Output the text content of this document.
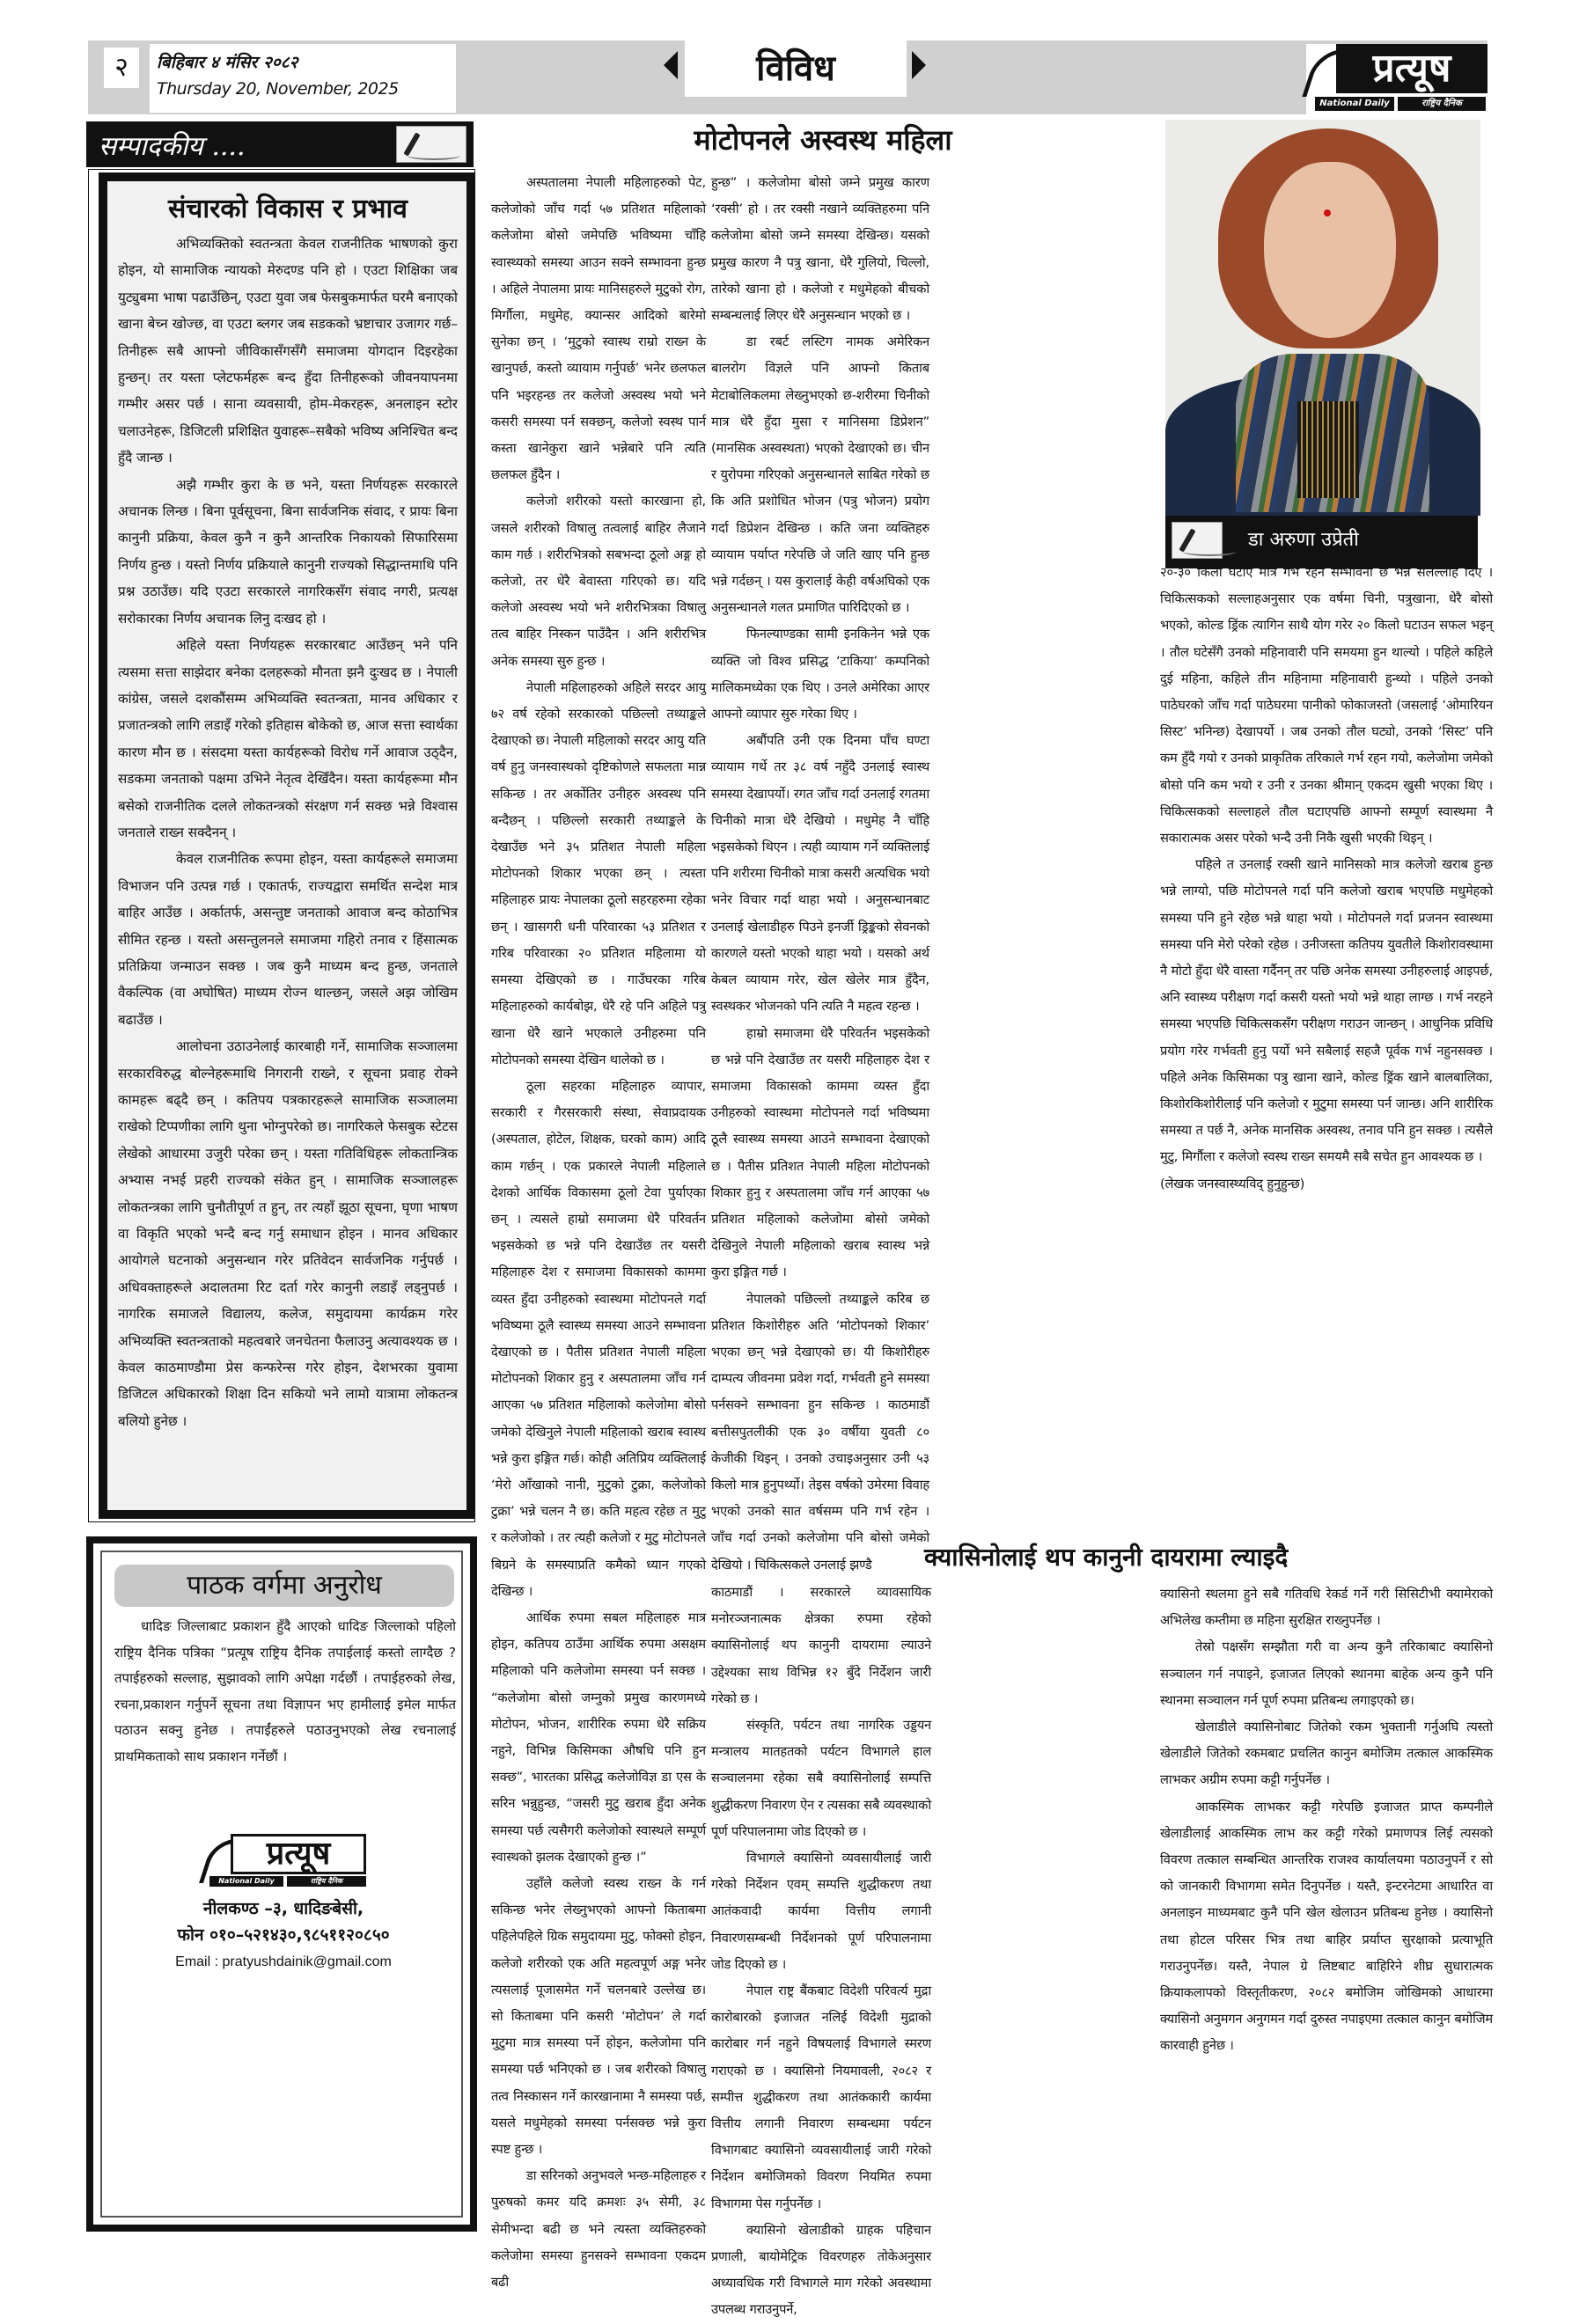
२	बिहिबार ४ मंसिर २०८२
Thursday 20, November, 2025	विविध	प्रत्यूष
National Daily	राष्ट्रिय दैनिक
सम्पादकीय ....
संचारको विकास र प्रभाव

अभिव्यक्तिको स्वतन्त्रता केवल राजनीतिक भाषणको कुरा होइन, यो सामाजिक न्यायको मेरुदण्ड पनि हो । एउटा शिक्षिका जब युट्युबमा भाषा पढाउँछिन्, एउटा युवा जब फेसबुकमार्फत घरमै बनाएको खाना बेच्न खोज्छ, वा एउटा ब्लगर जब सडकको भ्रष्टाचार उजागर गर्छ–तिनीहरू सबै आफ्नो जीविकासँगसँगै समाजमा योगदान दिइरहेका हुन्छन्। तर यस्ता प्लेटफर्महरू बन्द हुँदा तिनीहरूको जीवनयापनमा गम्भीर असर पर्छ । साना व्यवसायी, होम-मेकरहरू, अनलाइन स्टोर चलाउनेहरू, डिजिटली प्रशिक्षित युवाहरू–सबैको भविष्य अनिश्चित बन्द हुँदै जान्छ ।

अझै गम्भीर कुरा के छ भने, यस्ता निर्णयहरू सरकारले अचानक लिन्छ । बिना पूर्वसूचना, बिना सार्वजनिक संवाद, र प्रायः बिना कानुनी प्रक्रिया, केवल कुनै न कुनै आन्तरिक निकायको सिफारिसमा निर्णय हुन्छ । यस्तो निर्णय प्रक्रियाले कानुनी राज्यको सिद्धान्तमाथि पनि प्रश्न उठाउँछ। यदि एउटा सरकारले नागरिकसँग संवाद नगरी, प्रत्यक्ष सरोकारका निर्णय अचानक लिनु दःखद हो ।

अहिले यस्ता निर्णयहरू सरकारबाट आउँछन् भने पनि त्यसमा सत्ता साझेदार बनेका दलहरूको मौनता झनै दुःखद छ । नेपाली कांग्रेस, जसले दशकौंसम्म अभिव्यक्ति स्वतन्त्रता, मानव अधिकार र प्रजातन्त्रको लागि लडाइँ गरेको इतिहास बोकेको छ, आज सत्ता स्वार्थका कारण मौन छ । संसदमा यस्ता कार्यहरूको विरोध गर्ने आवाज उठ्दैन, सडकमा जनताको पक्षमा उभिने नेतृत्व देखिँदैन। यस्ता कार्यहरूमा मौन बसेको राजनीतिक दलले लोकतन्त्रको संरक्षण गर्न सक्छ भन्ने विश्वास जनताले राख्न सक्दैनन् ।

केवल राजनीतिक रूपमा होइन, यस्ता कार्यहरूले समाजमा विभाजन पनि उत्पन्न गर्छ । एकातर्फ, राज्यद्वारा समर्थित सन्देश मात्र बाहिर आउँछ । अर्कातर्फ, असन्तुष्ट जनताको आवाज बन्द कोठाभित्र सीमित रहन्छ । यस्तो असन्तुलनले समाजमा गहिरो तनाव र हिंसात्मक प्रतिक्रिया जन्माउन सक्छ । जब कुनै माध्यम बन्द हुन्छ, जनताले वैकल्पिक (वा अघोषित) माध्यम रोज्न थाल्छन्, जसले अझ जोखिम बढाउँछ ।

आलोचना उठाउनेलाई कारबाही गर्ने, सामाजिक सञ्जालमा सरकारविरुद्ध बोल्नेहरूमाथि निगरानी राख्ने, र सूचना प्रवाह रोक्ने कामहरू बढ्दै छन् । कतिपय पत्रकारहरूले सामाजिक सञ्जालमा राखेको टिप्पणीका लागि थुना भोग्नुपरेको छ। नागरिकले फेसबुक स्टेटस लेखेको आधारमा उजुरी परेका छन् । यस्ता गतिविधिहरू लोकतान्त्रिक अभ्यास नभई प्रहरी राज्यको संकेत हुन् । सामाजिक सञ्जालहरू लोकतन्त्रका लागि चुनौतीपूर्ण त हुन्, तर त्यहाँ झूठा सूचना, घृणा भाषण वा विकृति भएको भन्दै बन्द गर्नु समाधान होइन । मानव अधिकार आयोगले घटनाको अनुसन्धान गरेर प्रतिवेदन सार्वजनिक गर्नुपर्छ । अधिवक्ताहरूले अदालतमा रिट दर्ता गरेर कानुनी लडाइँ लड्नुपर्छ । नागरिक समाजले विद्यालय, कलेज, समुदायमा कार्यक्रम गरेर अभिव्यक्ति स्वतन्त्रताको महत्वबारे जनचेतना फैलाउनु अत्यावश्यक छ । केवल काठमाण्डौमा प्रेस कन्फरेन्स गरेर होइन, देशभरका युवामा डिजिटल अधिकारको शिक्षा दिन सकियो भने लामो यात्रामा लोकतन्त्र बलियो हुनेछ ।

पाठक वर्गमा अनुरोध
धादिङ जिल्लाबाट प्रकाशन हुँदै आएको धादिङ जिल्लाको पहिलो राष्ट्रिय दैनिक पत्रिका “प्रत्यूष राष्ट्रिय दैनिक तपाईलाई कस्तो लाग्दैछ ? तपाईहरुको सल्लाह, सुझावको लागि अपेक्षा गर्दछौं । तपाईहरुको लेख, रचना,प्रकाशन गर्नुपर्ने सूचना तथा विज्ञापन भए हामीलाई इमेल मार्फत पठाउन सक्नु हुनेछ । तपाईंहरुले पठाउनुभएको लेख रचनालाई प्राथमिकताको साथ प्रकाशन गर्नेछौं ।
प्रत्यूष
National Daily	राष्ट्रिय दैनिक
नीलकण्ठ –३, धादिङबेसी,
फोन ०१०–५२१४३०,९८५११२०८५०
Email : pratyushdainik@gmail.com
मोटोपनले अस्वस्थ महिला

अस्पतालमा नेपाली महिलाहरुको पेट, कलेजोको जाँच गर्दा ५७ प्रतिशत महिलाको कलेजोमा बोसो जमेपछि भविष्यमा चाँहि स्वास्थ्यको समस्या आउन सक्ने सम्भावना हुन्छ । अहिले नेपालमा प्रायः मानिसहरुले मुटुको रोग, मिर्गौला, मधुमेह, क्यान्सर आदिको बारेमो सुनेका छन् । ‘मुटुको स्वास्थ राम्रो राख्न के खानुपर्छ, कस्तो व्यायाम गर्नुपर्छ’ भनेर छलफल पनि भइरहन्छ तर कलेजो अस्वस्थ भयो भने कसरी समस्या पर्न सक्छन्, कलेजो स्वस्थ पार्न कस्ता खानेकुरा खाने भन्नेबारे पनि त्यति छलफल हुँदैन ।

कलेजो शरीरको यस्तो कारखाना हो, जसले शरीरको विषालु तत्वलाई बाहिर लैजाने काम गर्छ । शरीरभित्रको सबभन्दा ठूलो अङ्ग हो कलेजो, तर धेरै बेवास्ता गरिएको छ। यदि कलेजो अस्वस्थ भयो भने शरीरभित्रका विषालु तत्व बाहिर निस्कन पाउँदैन । अनि शरीरभित्र अनेक समस्या सुरु हुन्छ ।

नेपाली महिलाहरुको अहिले सरदर आयु ७२ वर्ष रहेको सरकारको पछिल्लो तथ्याङ्कले देखाएको छ। नेपाली महिलाको सरदर आयु यति वर्ष हुनु जनस्वास्थको दृष्टिकोणले सफलता मान्न सकिन्छ । तर अर्कोतिर उनीहरु अस्वस्थ पनि बन्दैछन् । पछिल्लो सरकारी तथ्याङ्कले के देखाउँछ भने ३५ प्रतिशत नेपाली महिला मोटोपनको शिकार भएका छन् । त्यस्ता महिलाहरु प्रायः नेपालका ठूलो सहरहरुमा रहेका छन् । खासगरी धनी परिवारका ५३ प्रतिशत र गरिब परिवारका २० प्रतिशत महिलामा यो समस्या देखिएको छ । गाउँघरका गरिब महिलाहरुको कार्यबोझ, धेरै रहे पनि अहिले पत्रु खाना धेरै खाने भएकाले उनीहरुमा पनि मोटोपनको समस्या देखिन थालेको छ ।

ठूला सहरका महिलाहरु व्यापार, सरकारी र गैरसरकारी संस्था, सेवाप्रदायक (अस्पताल, होटेल, शिक्षक, घरको काम) आदि काम गर्छन् । एक प्रकारले नेपाली महिलाले देशको आर्थिक विकासमा ठूलो टेवा पुर्याएका छन् । त्यसले हाम्रो समाजमा धेरै परिवर्तन भइसकेको छ भन्ने पनि देखाउँछ तर यसरी महिलाहरु देश र समाजमा विकासको काममा व्यस्त हुँदा उनीहरुको स्वास्थमा मोटोपनले गर्दा भविष्यमा ठूलै स्वास्थ्य समस्या आउने सम्भावना देखाएको छ । पैतीस प्रतिशत नेपाली महिला मोटोपनको शिकार हुनु र अस्पतालमा जाँच गर्न आएका ५७ प्रतिशत महिलाको कलेजोमा बोसो जमेको देखिनुले नेपाली महिलाको खराब स्वास्थ भन्ने कुरा इङ्गित गर्छ। कोही अतिप्रिय व्यक्तिलाई ‘मेरो आँखाको नानी, मुटुको टुक्रा, कलेजोको टुक्रा’ भन्ने चलन नै छ। कति महत्व रहेछ त मुटु र कलेजोको । तर त्यही कलेजो र मुटु मोटोपनले बिग्रने के समस्याप्रति कमैको ध्यान गएको देखिन्छ ।

आर्थिक रुपमा सबल महिलाहरु मात्र होइन, कतिपय ठाउँमा आर्थिक रुपमा असक्षम महिलाको पनि कलेजोमा समस्या पर्न सक्छ । “कलेजोमा बोसो जम्नुको प्रमुख कारणमध्ये मोटोपन, भोजन, शारीरिक रुपमा धेरै सक्रिय नहुने, विभिन्न किसिमका औषधि पनि हुन सक्छ”, भारतका प्रसिद्ध कलेजोविज्ञ डा एस के सरिन भन्नुहुन्छ, “जसरी मुटु खराब हुँदा अनेक समस्या पर्छ त्यसैगरी कलेजोको स्वास्थले सम्पूर्ण स्वास्थको झलक देखाएको हुन्छ ।”

उहाँले कलेजो स्वस्थ राख्न के गर्न सकिन्छ भनेर लेख्नुभएको आफ्नो किताबमा पहिलेपहिले ग्रिक समुदायमा मुटु, फोक्सो होइन, कलेजो शरीरको एक अति महत्वपूर्ण अङ्ग भनेर त्यसलाई पूजासमेत गर्ने चलनबारे उल्लेख छ। सो किताबमा पनि कसरी ‘मोटोपन’ ले गर्दा मुटुमा मात्र समस्या पर्ने होइन, कलेजोमा पनि समस्या पर्छ भनिएको छ । जब शरीरको विषालु तत्व निस्कासन गर्ने कारखानामा नै समस्या पर्छ, यसले मधुमेहको समस्या पर्नसक्छ भन्ने कुरा स्पष्ट हुन्छ ।

डा सरिनको अनुभवले भन्छ-महिलाहरु र पुरुषको कमर यदि क्रमशः ३५ सेमी, ३८ सेमीभन्दा बढी छ भने त्यस्ता व्यक्तिहरुको कलेजोमा समस्या हुनसक्ने सम्भावना एकदम बढी

हुन्छ” । कलेजोमा बोसो जम्ने प्रमुख कारण ‘रक्सी’ हो । तर रक्सी नखाने व्यक्तिहरुमा पनि कलेजोमा बोसो जम्ने समस्या देखिन्छ। यसको प्रमुख कारण नै पत्रु खाना, धेरै गुलियो, चिल्लो, तारेको खाना हो । कलेजो र मधुमेहको बीचको सम्बन्धलाई लिएर धेरै अनुसन्धान भएको छ ।

डा रबर्ट लस्टिग नामक अमेरिकन बालरोग विज्ञले पनि आफ्नो किताब मेटाबोलिकलमा लेख्नुभएको छ-शरीरमा चिनीको मात्र धेरै हुँदा मुसा र मानिसमा डिप्रेशन” (मानसिक अस्वस्थता) भएको देखाएको छ। चीन र युरोपमा गरिएको अनुसन्धानले साबित गरेको छ कि अति प्रशोधित भोजन (पत्रु भोजन) प्रयोग गर्दा डिप्रेशन देखिन्छ । कति जना व्यक्तिहरु व्यायाम पर्याप्त गरेपछि जे जति खाए पनि हुन्छ भन्ने गर्दछन् । यस कुरालाई केही वर्षअघिको एक अनुसन्धानले गलत प्रमाणित पारिदिएको छ ।

फिनल्याण्डका सामी इनकिनेन भन्ने एक व्यक्ति जो विश्व प्रसिद्ध ‘टाकिया’ कम्पनिको मालिकमध्येका एक थिए । उनले अमेरिका आएर आफ्नो व्यापार सुरु गरेका थिए ।

अबौंपति उनी एक दिनमा पाँच घण्टा व्यायाम गर्थे तर ३८ वर्ष नहुँदै उनलाई स्वास्थ समस्या देखापर्यो। रगत जाँच गर्दा उनलाई रगतमा चिनीको मात्रा धेरै देखियो । मधुमेह नै चाँहि भइसकेको थिएन । त्यही व्यायाम गर्ने व्यक्तिलाई पनि शरीरमा चिनीको मात्रा कसरी अत्यधिक भयो भनेर विचार गर्दा थाहा भयो । अनुसन्धानबाट उनलाई खेलाडीहरु पिउने इनर्जी ड्रिङ्कको सेवनको कारणले यस्तो भएको थाहा भयो । यसको अर्थ केबल व्यायाम गरेर, खेल खेलेर मात्र हुँदैन, स्वस्थकर भोजनको पनि त्यति नै महत्व रहन्छ ।

हाम्रो समाजमा धेरै परिवर्तन भइसकेको छ भन्ने पनि देखाउँछ तर यसरी महिलाहरु देश र समाजमा विकासको काममा व्यस्त हुँदा उनीहरुको स्वास्थमा मोटोपनले गर्दा भविष्यमा ठूलै स्वास्थ्य समस्या आउने सम्भावना देखाएको छ । पैतीस प्रतिशत नेपाली महिला मोटोपनको शिकार हुनु र अस्पतालमा जाँच गर्न आएका ५७ प्रतिशत महिलाको कलेजोमा बोसो जमेको देखिनुले नेपाली महिलाको खराब स्वास्थ भन्ने कुरा इङ्गित गर्छ ।

नेपालको पछिल्लो तथ्याङ्कले करिब छ प्रतिशत किशोरीहरु अति ‘मोटोपनको शिकार’ भएका छन् भन्ने देखाएको छ। यी किशोरीहरु दाम्पत्य जीवनमा प्रवेश गर्दा, गर्भवती हुने समस्या पर्नसक्ने सम्भावना हुन सकिन्छ । काठमाडौं बत्तीसपुतलीकी एक ३० वर्षीया युवती ८० केजीकी थिइन् । उनको उचाइअनुसार उनी ५३ किलो मात्र हुनुपर्थ्यो। तेइस वर्षको उमेरमा विवाह भएको उनको सात वर्षसम्म पनि गर्भ रहेन । जाँच गर्दा उनको कलेजोमा पनि बोसो जमेको देखियो । चिकित्सकले उनलाई झण्डै

डा अरुणा उप्रेती

२०-३० किलो घटाए मात्रै गर्भ रहने सम्भावना छ भन्ने सलल्लाह दिए । चिकित्सकको सल्लाहअनुसार एक वर्षमा चिनी, पत्रुखाना, धेरै बोसो भएको, कोल्ड ड्रिंक त्यागिन साथै योग गरेर २० किलो घटाउन सफल भइन् । तौल घटेसँगै उनको महिनावारी पनि समयमा हुन थाल्यो । पहिले कहिले दुई महिना, कहिले तीन महिनामा महिनावारी हुन्थ्यो । पहिले उनको पाठेघरको जाँच गर्दा पाठेघरमा पानीको फोकाजस्तो (जसलाई ‘ओमारियन सिस्ट’ भनिन्छ) देखापर्यो । जब उनको तौल घट्यो, उनको ‘सिस्ट’ पनि कम हुँदै गयो र उनको प्राकृतिक तरिकाले गर्भ रहन गयो, कलेजोमा जमेको बोसो पनि कम भयो र उनी र उनका श्रीमान् एकदम खुसी भएका थिए । चिकित्सकको सल्लाहले तौल घटाएपछि आफ्नो सम्पूर्ण स्वास्थमा नै सकारात्मक असर परेको भन्दै उनी निकै खुसी भएकी थिइन् ।

पहिले त उनलाई रक्सी खाने मानिसको मात्र कलेजो खराब हुन्छ भन्ने लाग्यो, पछि मोटोपनले गर्दा पनि कलेजो खराब भएपछि मधुमेहको समस्या पनि हुने रहेछ भन्ने थाहा भयो । मोटोपनले गर्दा प्रजनन स्वास्थमा समस्या पनि मेरो परेको रहेछ । उनीजस्ता कतिपय युवतीले किशोरावस्थामा नै मोटो हुँदा धेरै वास्ता गर्दैनन् तर पछि अनेक समस्या उनीहरुलाई आइपर्छ, अनि स्वास्थ्य परीक्षण गर्दा कसरी यस्तो भयो भन्ने थाहा लाग्छ । गर्भ नरहने समस्या भएपछि चिकित्सकसँग परीक्षण गराउन जान्छन् । आधुनिक प्रविधि प्रयोग गरेर गर्भवती हुनु पर्यो भने सबैलाई सहजै पूर्वक गर्भ नहुनसक्छ । पहिले अनेक किसिमका पत्रु खाना खाने, कोल्ड ड्रिंक खाने बालबालिका, किशोरकिशोरीलाई पनि कलेजो र मुटुमा समस्या पर्न जान्छ। अनि शारीरिक समस्या त पर्छ नै, अनेक मानसिक अस्वस्थ, तनाव पनि हुन सक्छ । त्यसैले मुटु, मिर्गौला र कलेजो स्वस्थ राख्न समयमै सबै सचेत हुन आवश्यक छ ।

(लेखक जनस्वास्थ्यविद् हुनुहुन्छ)

क्यासिनोलाई थप कानुनी दायरामा ल्याइदै

काठमाडौं । सरकारले व्यावसायिक मनोरञ्जनात्मक क्षेत्रका रुपमा रहेको क्यासिनोलाई थप कानुनी दायरामा ल्याउने उद्देश्यका साथ विभिन्न १२ बुँदे निर्देशन जारी गरेको छ ।

संस्कृति, पर्यटन तथा नागरिक उड्डयन मन्त्रालय मातहतको पर्यटन विभागले हाल सञ्चालनमा रहेका सबै क्यासिनोलाई सम्पत्ति शुद्धीकरण निवारण ऐन र त्यसका सबै व्यवस्थाको पूर्ण परिपालनामा जोड दिएको छ ।

विभागले क्यासिनो व्यवसायीलाई जारी गरेको निर्देशन एवम् सम्पत्ति शुद्धीकरण तथा आतंकवादी कार्यमा वित्तीय लगानी निवारणसम्बन्धी निर्देशनको पूर्ण परिपालनामा जोड दिएको छ ।

नेपाल राष्ट्र बैंकबाट विदेशी परिवर्त्य मुद्रा कारोबारको इजाजत नलिई विदेशी मुद्राको कारोबार गर्न नहुने विषयलाई विभागले स्मरण गराएको छ । क्यासिनो नियमावली, २०८२ र सम्पीत्त शुद्धीकरण तथा आतंककारी कार्यमा वित्तीय लगानी निवारण सम्बन्धमा पर्यटन विभागबाट क्यासिनो व्यवसायीलाई जारी गरेको निर्देशन बमोजिमको विवरण नियमित रुपमा विभागमा पेस गर्नुपर्नेछ ।

क्यासिनो खेलाडीको ग्राहक पहिचान प्रणाली, बायोमेट्रिक विवरणहरु तोकेअनुसार अध्यावधिक गरी विभागले माग गरेको अवस्थामा उपलब्ध गराउनुपर्ने,

क्यासिनो स्थलमा हुने सबै गतिवधि रेकर्ड गर्ने गरी सिसिटीभी क्यामेराको अभिलेख कम्तीमा छ महिना सुरक्षित राख्नुपर्नेछ ।

तेस्रो पक्षसँग सम्झौता गरी वा अन्य कुनै तरिकाबाट क्यासिनो सञ्चालन गर्न नपाइने, इजाजत लिएको स्थानमा बाहेक अन्य कुनै पनि स्थानमा सञ्चालन गर्न पूर्ण रुपमा प्रतिबन्ध लगाइएको छ।

खेलाडीले क्यासिनोबाट जितेको रकम भुक्तानी गर्नुअघि त्यस्तो खेलाडीले जितेको रकमबाट प्रचलित कानुन बमोजिम तत्काल आकस्मिक लाभकर अग्रीम रुपमा कट्टी गर्नुपर्नेछ ।

आकस्मिक लाभकर कट्टी गरेपछि इजाजत प्राप्त कम्पनीले खेलाडीलाई आकस्मिक लाभ कर कट्टी गरेको प्रमाणपत्र लिई त्यसको विवरण तत्काल सम्बन्धित आन्तरिक राजश्व कार्यालयमा पठाउनुपर्ने र सो को जानकारी विभागमा समेत दिनुपर्नेछ । यस्तै, इन्टरनेटमा आधारित वा अनलाइन माध्यमबाट कुनै पनि खेल खेलाउन प्रतिबन्ध हुनेछ । क्यासिनो तथा होटल परिसर भित्र तथा बाहिर प्रर्याप्त सुरक्षाको प्रत्याभूति गराउनुपर्नेछ। यस्तै, नेपाल ग्रे लिष्टबाट बाहिरिने शीघ्र सुधारात्मक क्रियाकलापको विस्तृतीकरण, २०८२ बमोजिम जोखिमको आधारमा क्यासिनो अनुमगन अनुगमन गर्दा दुरुस्त नपाइएमा तत्काल कानुन बमोजिम कारवाही हुनेछ ।
